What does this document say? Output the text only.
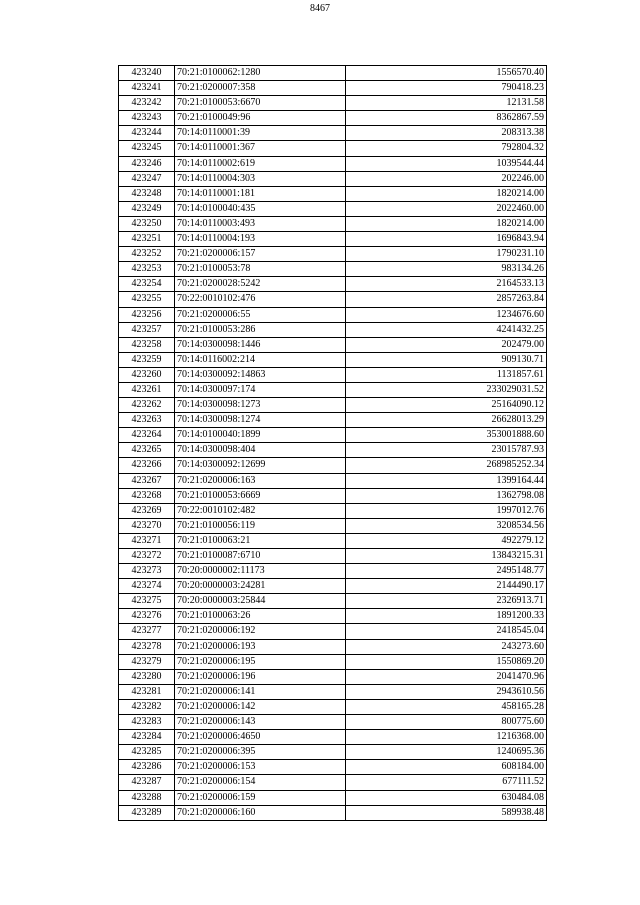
8467
423240	70:21:0100062:1280	1556570.40
423241	70:21:0200007:358	790418.23
423242	70:21:0100053:6670	12131.58
423243	70:21:0100049:96	8362867.59
423244	70:14:0110001:39	208313.38
423245	70:14:0110001:367	792804.32
423246	70:14:0110002:619	1039544.44
423247	70:14:0110004:303	202246.00
423248	70:14:0110001:181	1820214.00
423249	70:14:0100040:435	2022460.00
423250	70:14:0110003:493	1820214.00
423251	70:14:0110004:193	1696843.94
423252	70:21:0200006:157	1790231.10
423253	70:21:0100053:78	983134.26
423254	70:21:0200028:5242	2164533.13
423255	70:22:0010102:476	2857263.84
423256	70:21:0200006:55	1234676.60
423257	70:21:0100053:286	4241432.25
423258	70:14:0300098:1446	202479.00
423259	70:14:0116002:214	909130.71
423260	70:14:0300092:14863	1131857.61
423261	70:14:0300097:174	233029031.52
423262	70:14:0300098:1273	25164090.12
423263	70:14:0300098:1274	26628013.29
423264	70:14:0100040:1899	353001888.60
423265	70:14:0300098:404	23015787.93
423266	70:14:0300092:12699	268985252.34
423267	70:21:0200006:163	1399164.44
423268	70:21:0100053:6669	1362798.08
423269	70:22:0010102:482	1997012.76
423270	70:21:0100056:119	3208534.56
423271	70:21:0100063:21	492279.12
423272	70:21:0100087:6710	13843215.31
423273	70:20:0000002:11173	2495148.77
423274	70:20:0000003:24281	2144490.17
423275	70:20:0000003:25844	2326913.71
423276	70:21:0100063:26	1891200.33
423277	70:21:0200006:192	2418545.04
423278	70:21:0200006:193	243273.60
423279	70:21:0200006:195	1550869.20
423280	70:21:0200006:196	2041470.96
423281	70:21:0200006:141	2943610.56
423282	70:21:0200006:142	458165.28
423283	70:21:0200006:143	800775.60
423284	70:21:0200006:4650	1216368.00
423285	70:21:0200006:395	1240695.36
423286	70:21:0200006:153	608184.00
423287	70:21:0200006:154	677111.52
423288	70:21:0200006:159	630484.08
423289	70:21:0200006:160	589938.48
